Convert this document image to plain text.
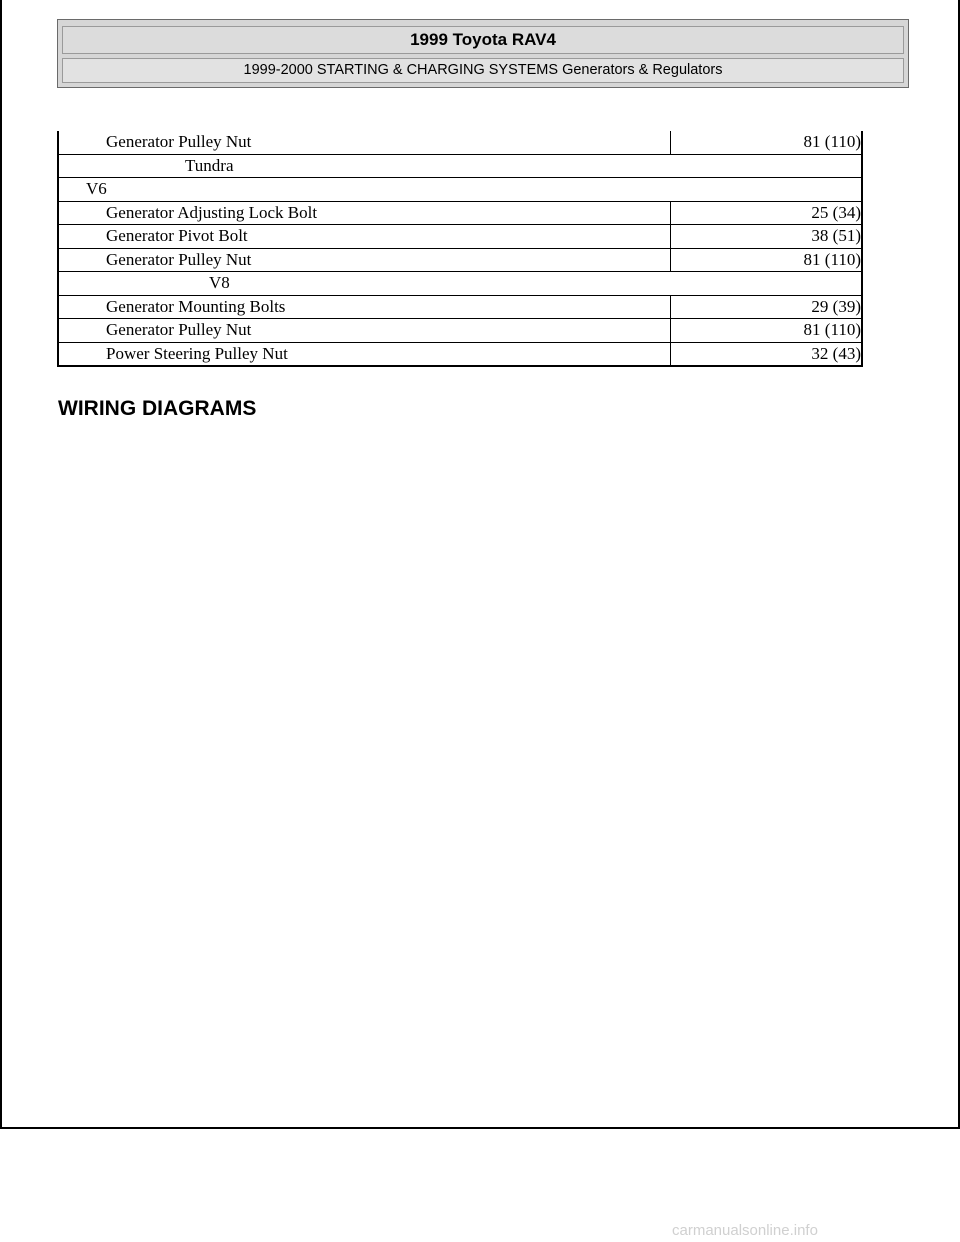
1999 Toyota RAV4
1999-2000 STARTING & CHARGING SYSTEMS Generators & Regulators
Generator Pulley Nut	81 (110)
Tundra	
V6	
Generator Adjusting Lock Bolt	25 (34)
Generator Pivot Bolt	38 (51)
Generator Pulley Nut	81 (110)
V8	
Generator Mounting Bolts	29 (39)
Generator Pulley Nut	81 (110)
Power Steering Pulley Nut	32 (43)
WIRING DIAGRAMS
carmanualsonline.info
